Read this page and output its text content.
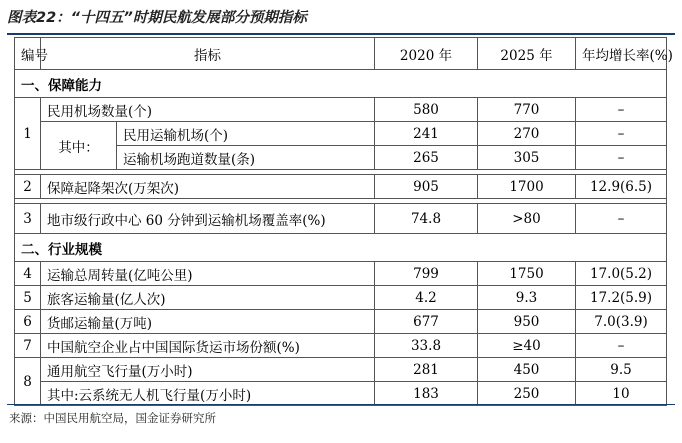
图表22：“十四五”时期民航发展部分预期指标
编号	指标		2020 年	2025 年	年均增长率(%)
一、保障能力					
1	民用机场数量(个)		580	770	–
	其中：	民用运输机场(个)	241	270	–
		运输机场跑道数量(条)	265	305	–

2	保障起降架次(万架次)		905	1700	12.9(6.5)

3	地市级行政中心 60 分钟到运输机场覆盖率(%)		74.8	>80	–
二、行业规模					
4	运输总周转量(亿吨公里)		799	1750	17.0(5.2)
5	旅客运输量(亿人次)		4.2	9.3	17.2(5.9)
6	货邮运输量(万吨)		677	950	7.0(3.9)
7	中国航空企业占中国国际货运市场份额(%)		33.8	≥40	–
8	通用航空飞行量(万小时)		281	450	9.5
	其中:云系统无人机飞行量(万小时)		183	250	10
来源：中国民用航空局，国金证券研究所
